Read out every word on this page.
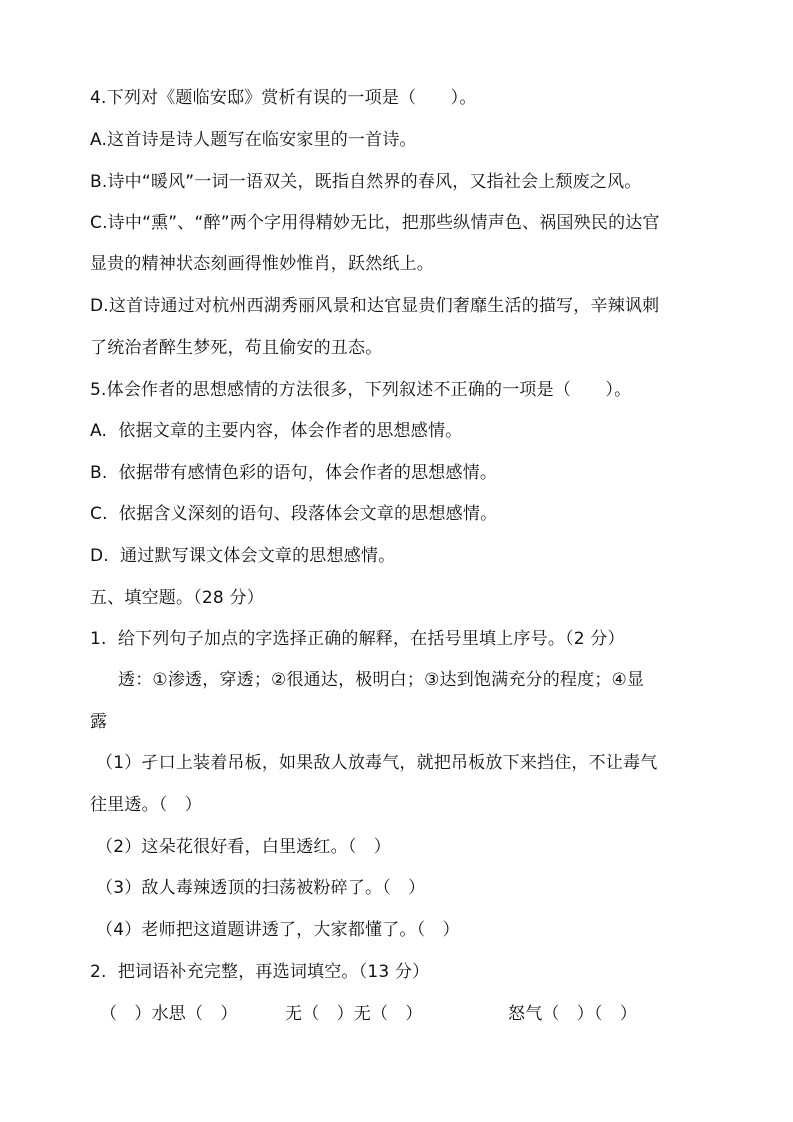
4.下列对《题临安邸》赏析有误的一项是（　　）。
A.这首诗是诗人题写在临安家里的一首诗。
B.诗中“暖风”一词一语双关，既指自然界的春风，又指社会上颓废之风。
C.诗中“熏”、“醉”两个字用得精妙无比，把那些纵情声色、祸国殃民的达官
显贵的精神状态刻画得惟妙惟肖，跃然纸上。
D.这首诗通过对杭州西湖秀丽风景和达官显贵们奢靡生活的描写，辛辣讽刺
了统治者醉生梦死，苟且偷安的丑态。
5.体会作者的思想感情的方法很多，下列叙述不正确的一项是（　　）。
A.  依据文章的主要内容，体会作者的思想感情。
B.  依据带有感情色彩的语句，体会作者的思想感情。
C.  依据含义深刻的语句、段落体会文章的思想感情。
D.  通过默写课文体会文章的思想感情。
五、填空题。（28 分）
1.  给下列句子加点的字选择正确的解释，在括号里填上序号。（2 分）
透：①渗透，穿透；②很通达，极明白；③达到饱满充分的程度；④显
露
（1）孑口上装着吊板，如果敌人放毒气，就把吊板放下来挡住，不让毒气
往里透。（　）
（2）这朵花很好看，白里透红。（　）
（3）敌人毒辣透顶的扫荡被粉碎了。（　）
（4）老师把这道题讲透了，大家都懂了。（　）
2.  把词语补充完整，再选词填空。（13 分）
（　）水思（　）	无（　）无（　）	怒气（　）（　）
